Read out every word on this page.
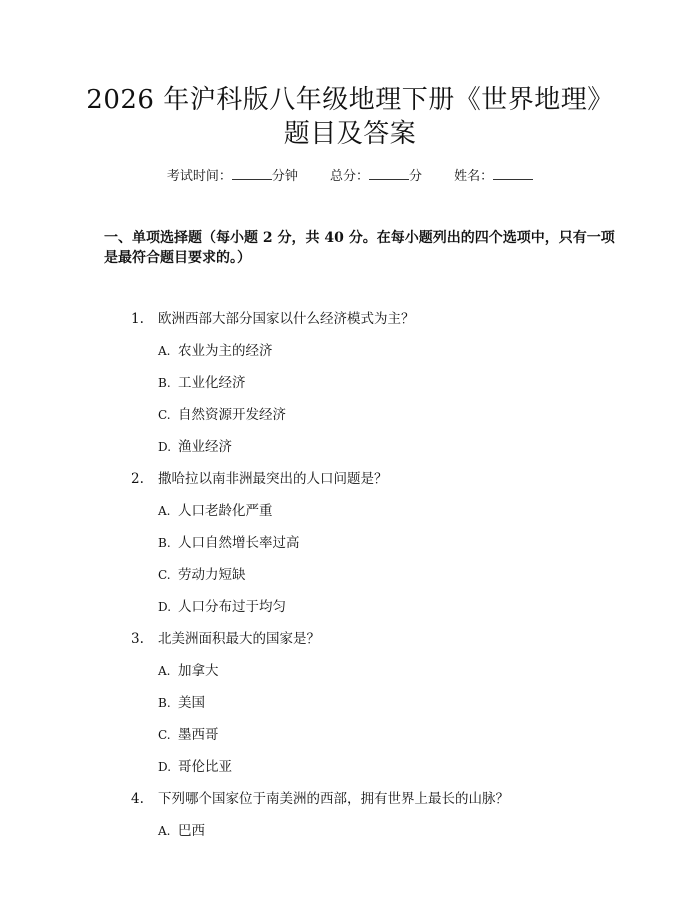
2026 年沪科版八年级地理下册《世界地理》
题目及答案
考试时间：	分钟 总分：	分 姓名：
一、单项选择题（每小题 2 分，共 40 分。在每小题列出的四个选项中，只有一项
是最符合题目要求的。）
1. 欧洲西部大部分国家以什么经济模式为主？
A. 农业为主的经济
B. 工业化经济
C. 自然资源开发经济
D. 渔业经济
2. 撒哈拉以南非洲最突出的人口问题是？
A. 人口老龄化严重
B. 人口自然增长率过高
C. 劳动力短缺
D. 人口分布过于均匀
3. 北美洲面积最大的国家是？
A. 加拿大
B. 美国
C. 墨西哥
D. 哥伦比亚
4. 下列哪个国家位于南美洲的西部，拥有世界上最长的山脉？
A. 巴西
